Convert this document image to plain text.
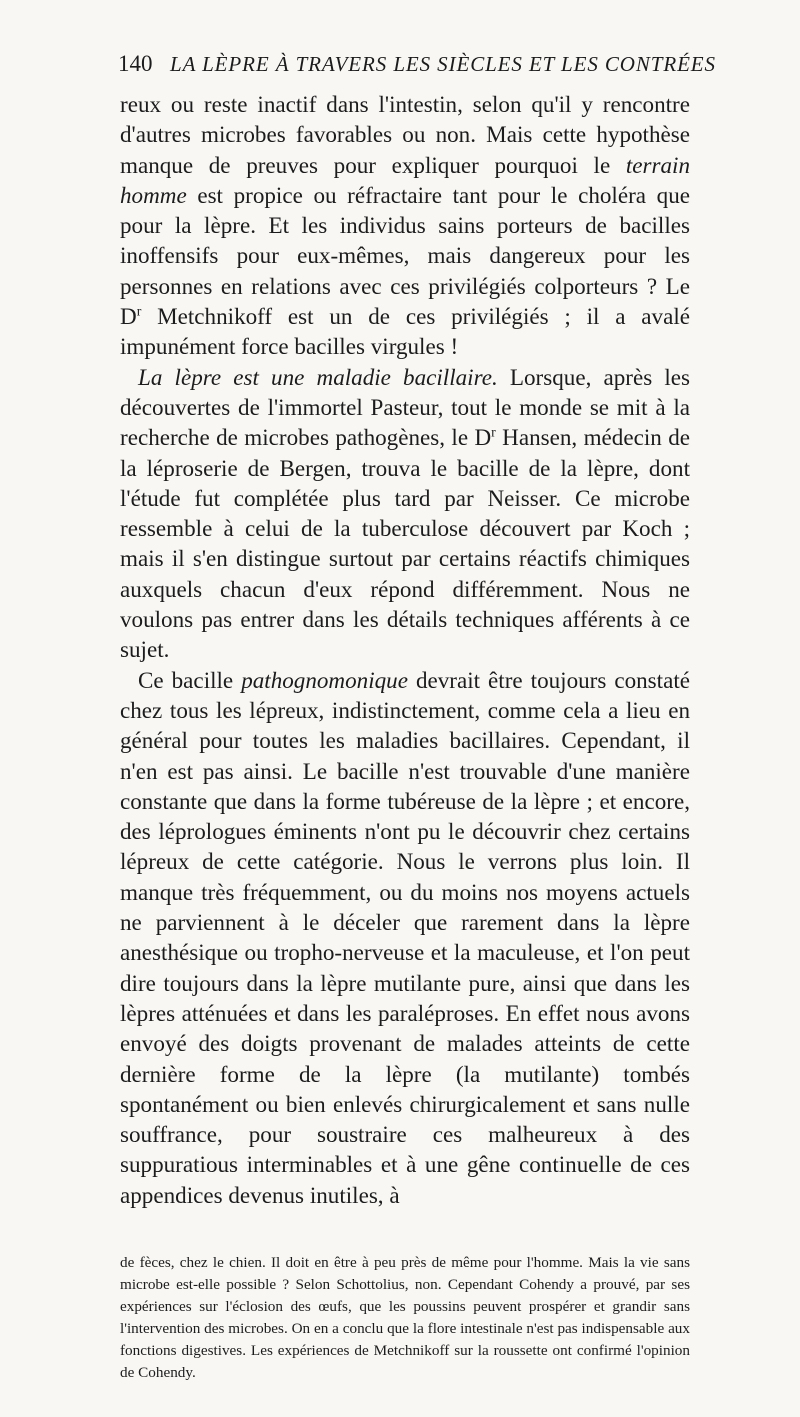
140 LA LÈPRE À TRAVERS LES SIÈCLES ET LES CONTRÉES

reux ou reste inactif dans l'intestin, selon qu'il y rencontre d'autres microbes favorables ou non. Mais cette hypothèse manque de preuves pour expliquer pourquoi le terrain homme est propice ou réfractaire tant pour le choléra que pour la lèpre. Et les individus sains porteurs de bacilles inoffensifs pour eux-mêmes, mais dangereux pour les personnes en relations avec ces privilégiés colporteurs ? Le $D^r$ Metchnikoff est un de ces privilégiés ; il a avalé impunément force bacilles virgules !

La lèpre est une maladie bacillaire. Lorsque, après les découvertes de l'immortel Pasteur, tout le monde se mit à la recherche de microbes pathogènes, le $D^r$ Hansen, médecin de la léproserie de Bergen, trouva le bacille de la lèpre, dont l'étude fut complétée plus tard par Neisser. Ce microbe ressemble à celui de la tuberculose découvert par Koch ; mais il s'en distingue surtout par certains réactifs chimiques auxquels chacun d'eux répond différemment. Nous ne voulons pas entrer dans les détails techniques afférents à ce sujet.

Ce bacille pathognomonique devrait être toujours constaté chez tous les lépreux, indistinctement, comme cela a lieu en général pour toutes les maladies bacillaires. Cependant, il n'en est pas ainsi. Le bacille n'est trouvable d'une manière constante que dans la forme tubéreuse de la lèpre ; et encore, des léprologues éminents n'ont pu le découvrir chez certains lépreux de cette catégorie. Nous le verrons plus loin. Il manque très fréquemment, ou du moins nos moyens actuels ne parviennent à le déceler que rarement dans la lèpre anesthésique ou tropho-nerveuse et la maculeuse, et l'on peut dire toujours dans la lèpre mutilante pure, ainsi que dans les lèpres atténuées et dans les paraléproses. En effet nous avons envoyé des doigts provenant de malades atteints de cette dernière forme de la lèpre (la mutilante) tombés spontanément ou bien enlevés chirurgicalement et sans nulle souffrance, pour soustraire ces malheureux à des suppuratious interminables et à une gêne continuelle de ces appendices devenus inutiles, à

de fèces, chez le chien. Il doit en être à peu près de même pour l'homme. Mais la vie sans microbe est-elle possible ? Selon Schottolius, non. Cependant Cohendy a prouvé, par ses expériences sur l'éclosion des œufs, que les poussins peuvent prospérer et grandir sans l'intervention des microbes. On en a conclu que la flore intestinale n'est pas indispensable aux fonctions digestives. Les expériences de Metchnikoff sur la roussette ont confirmé l'opinion de Cohendy.
